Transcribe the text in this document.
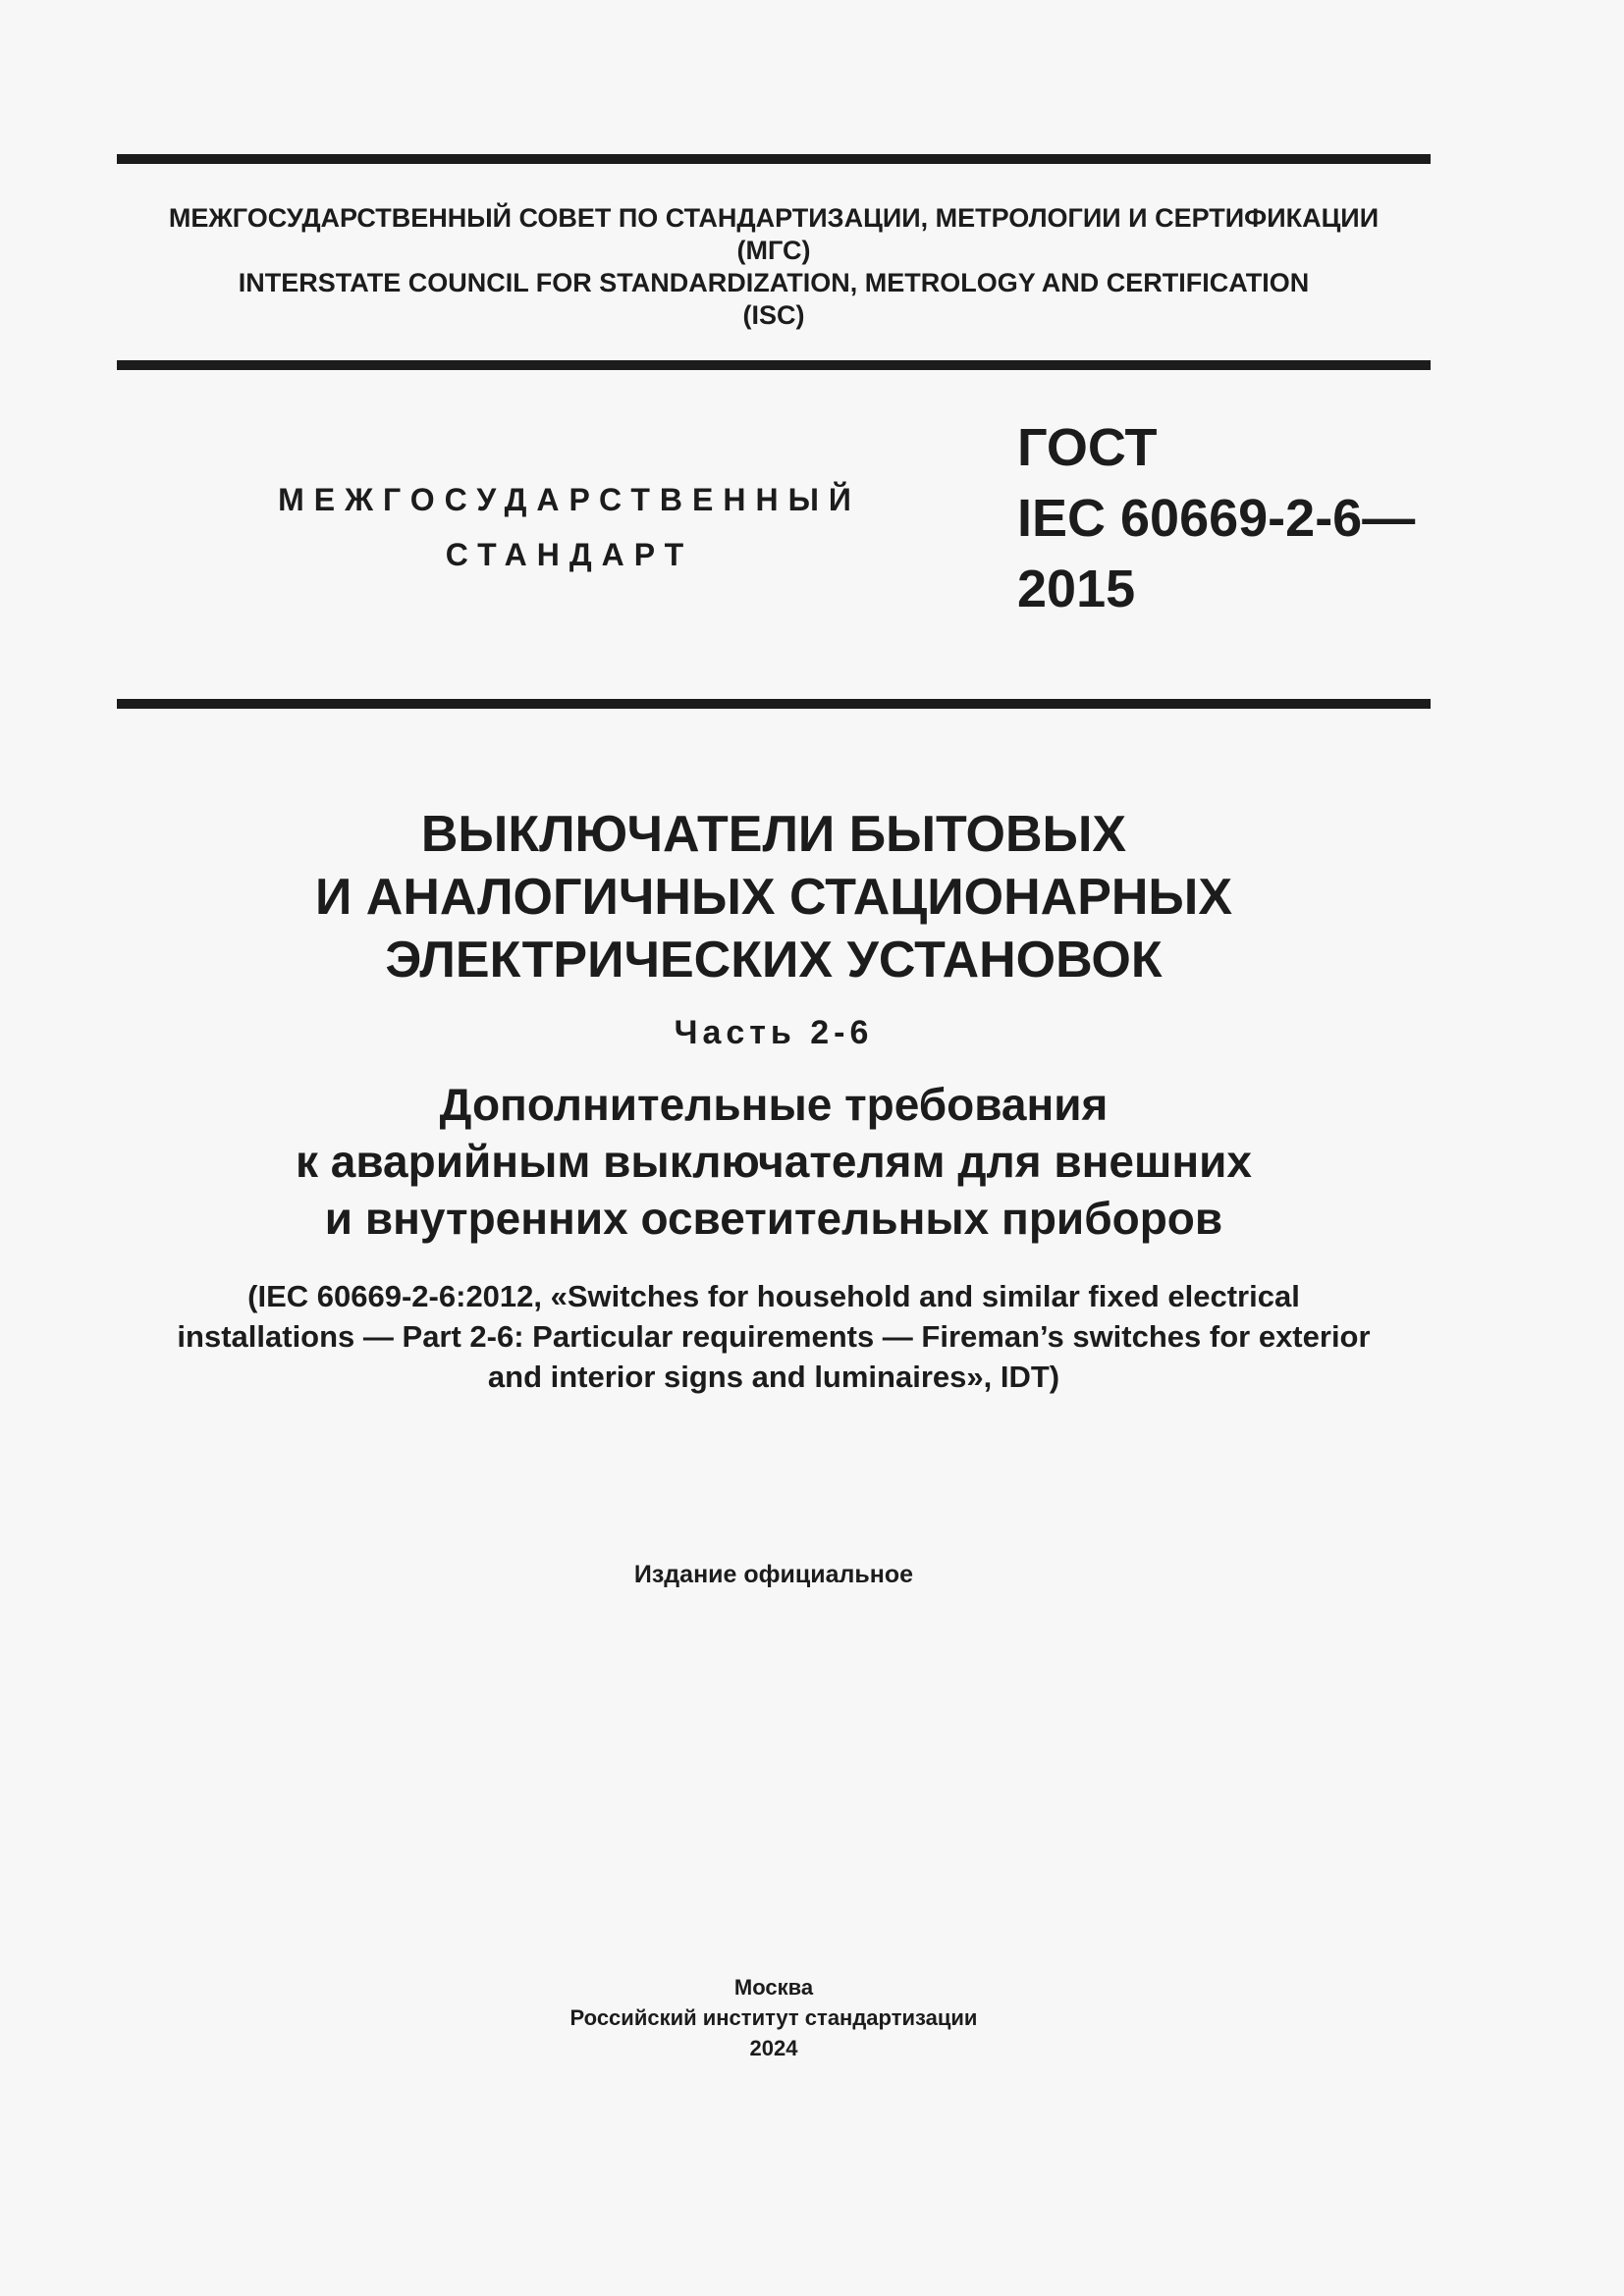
МЕЖГОСУДАРСТВЕННЫЙ СОВЕТ ПО СТАНДАРТИЗАЦИИ, МЕТРОЛОГИИ И СЕРТИФИКАЦИИ
(МГС)
INTERSTATE COUNCIL FOR STANDARDIZATION, METROLOGY AND CERTIFICATION
(ISC)
МЕЖГОСУДАРСТВЕННЫЙ
СТАНДАРТ
ГОСТ
IEC 60669-2-6—
2015
ВЫКЛЮЧАТЕЛИ БЫТОВЫХ
И АНАЛОГИЧНЫХ СТАЦИОНАРНЫХ
ЭЛЕКТРИЧЕСКИХ УСТАНОВОК
Часть 2-6
Дополнительные требования
к аварийным выключателям для внешних
и внутренних осветительных приборов
(IEC 60669-2-6:2012, «Switches for household and similar fixed electrical
installations — Part 2-6: Particular requirements — Fireman’s switches for exterior
and interior signs and luminaires», IDT)
Издание официальное
Москва
Российский институт стандартизации
2024
